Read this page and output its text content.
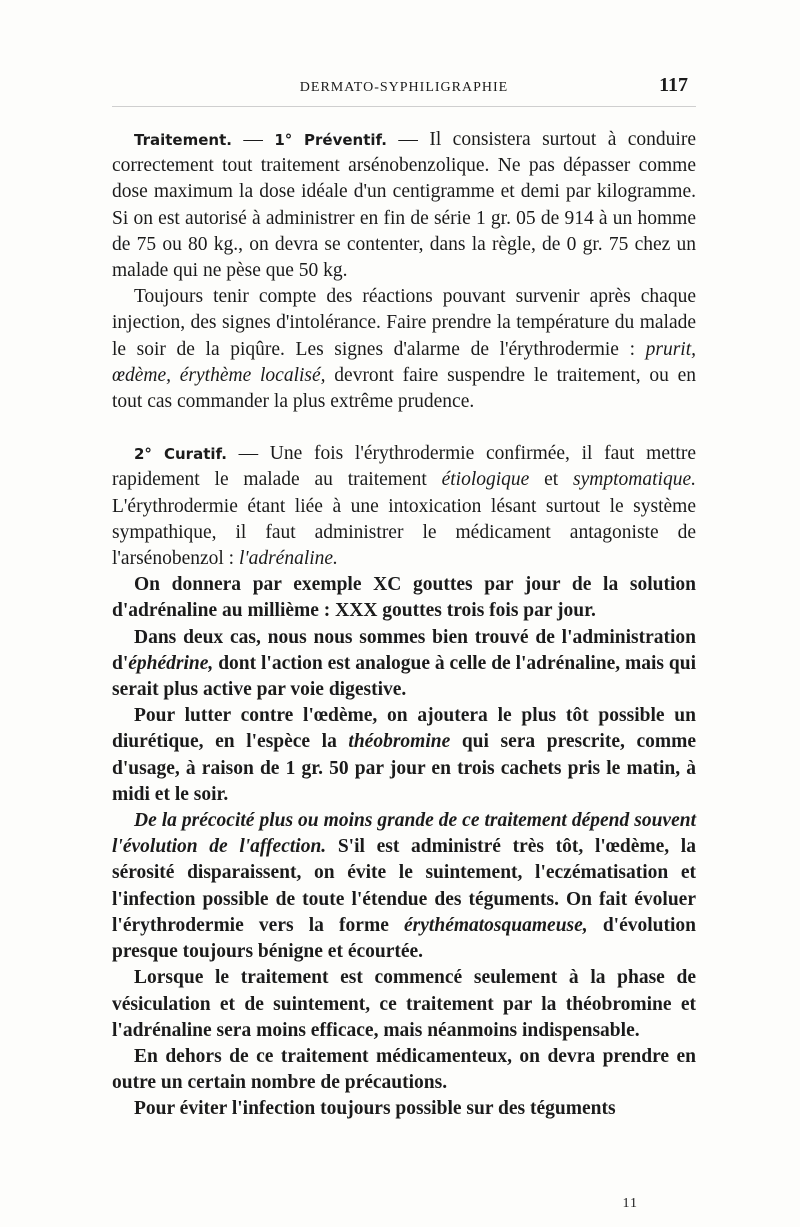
DERMATO-SYPHILIGRAPHIE	117

Traitement. — 1° Préventif. — Il consistera surtout à conduire correctement tout traitement arsénobenzolique. Ne pas dépasser comme dose maximum la dose idéale d'un centigramme et demi par kilogramme. Si on est autorisé à administrer en fin de série 1 gr. 05 de 914 à un homme de 75 ou 80 kg., on devra se contenter, dans la règle, de 0 gr. 75 chez un malade qui ne pèse que 50 kg.

Toujours tenir compte des réactions pouvant survenir après chaque injection, des signes d'intolérance. Faire prendre la température du malade le soir de la piqûre. Les signes d'alarme de l'érythrodermie : prurit, œdème, érythème localisé, devront faire suspendre le traitement, ou en tout cas commander la plus extrême prudence.

2° Curatif. — Une fois l'érythrodermie confirmée, il faut mettre rapidement le malade au traitement étiologique et symptomatique. L'érythrodermie étant liée à une intoxication lésant surtout le système sympathique, il faut administrer le médicament antagoniste de l'arsénobenzol : l'adrénaline.

On donnera par exemple XC gouttes par jour de la solution d'adrénaline au millième : XXX gouttes trois fois par jour.

Dans deux cas, nous nous sommes bien trouvé de l'administration d'éphédrine, dont l'action est analogue à celle de l'adrénaline, mais qui serait plus active par voie digestive.

Pour lutter contre l'œdème, on ajoutera le plus tôt possible un diurétique, en l'espèce la théobromine qui sera prescrite, comme d'usage, à raison de 1 gr. 50 par jour en trois cachets pris le matin, à midi et le soir.

De la précocité plus ou moins grande de ce traitement dépend souvent l'évolution de l'affection. S'il est administré très tôt, l'œdème, la sérosité disparaissent, on évite le suintement, l'eczématisation et l'infection possible de toute l'étendue des téguments. On fait évoluer l'érythrodermie vers la forme érythématosquameuse, d'évolution presque toujours bénigne et écourtée.

Lorsque le traitement est commencé seulement à la phase de vésiculation et de suintement, ce traitement par la théobromine et l'adrénaline sera moins efficace, mais néanmoins indispensable.

En dehors de ce traitement médicamenteux, on devra prendre en outre un certain nombre de précautions.

Pour éviter l'infection toujours possible sur des téguments

11
